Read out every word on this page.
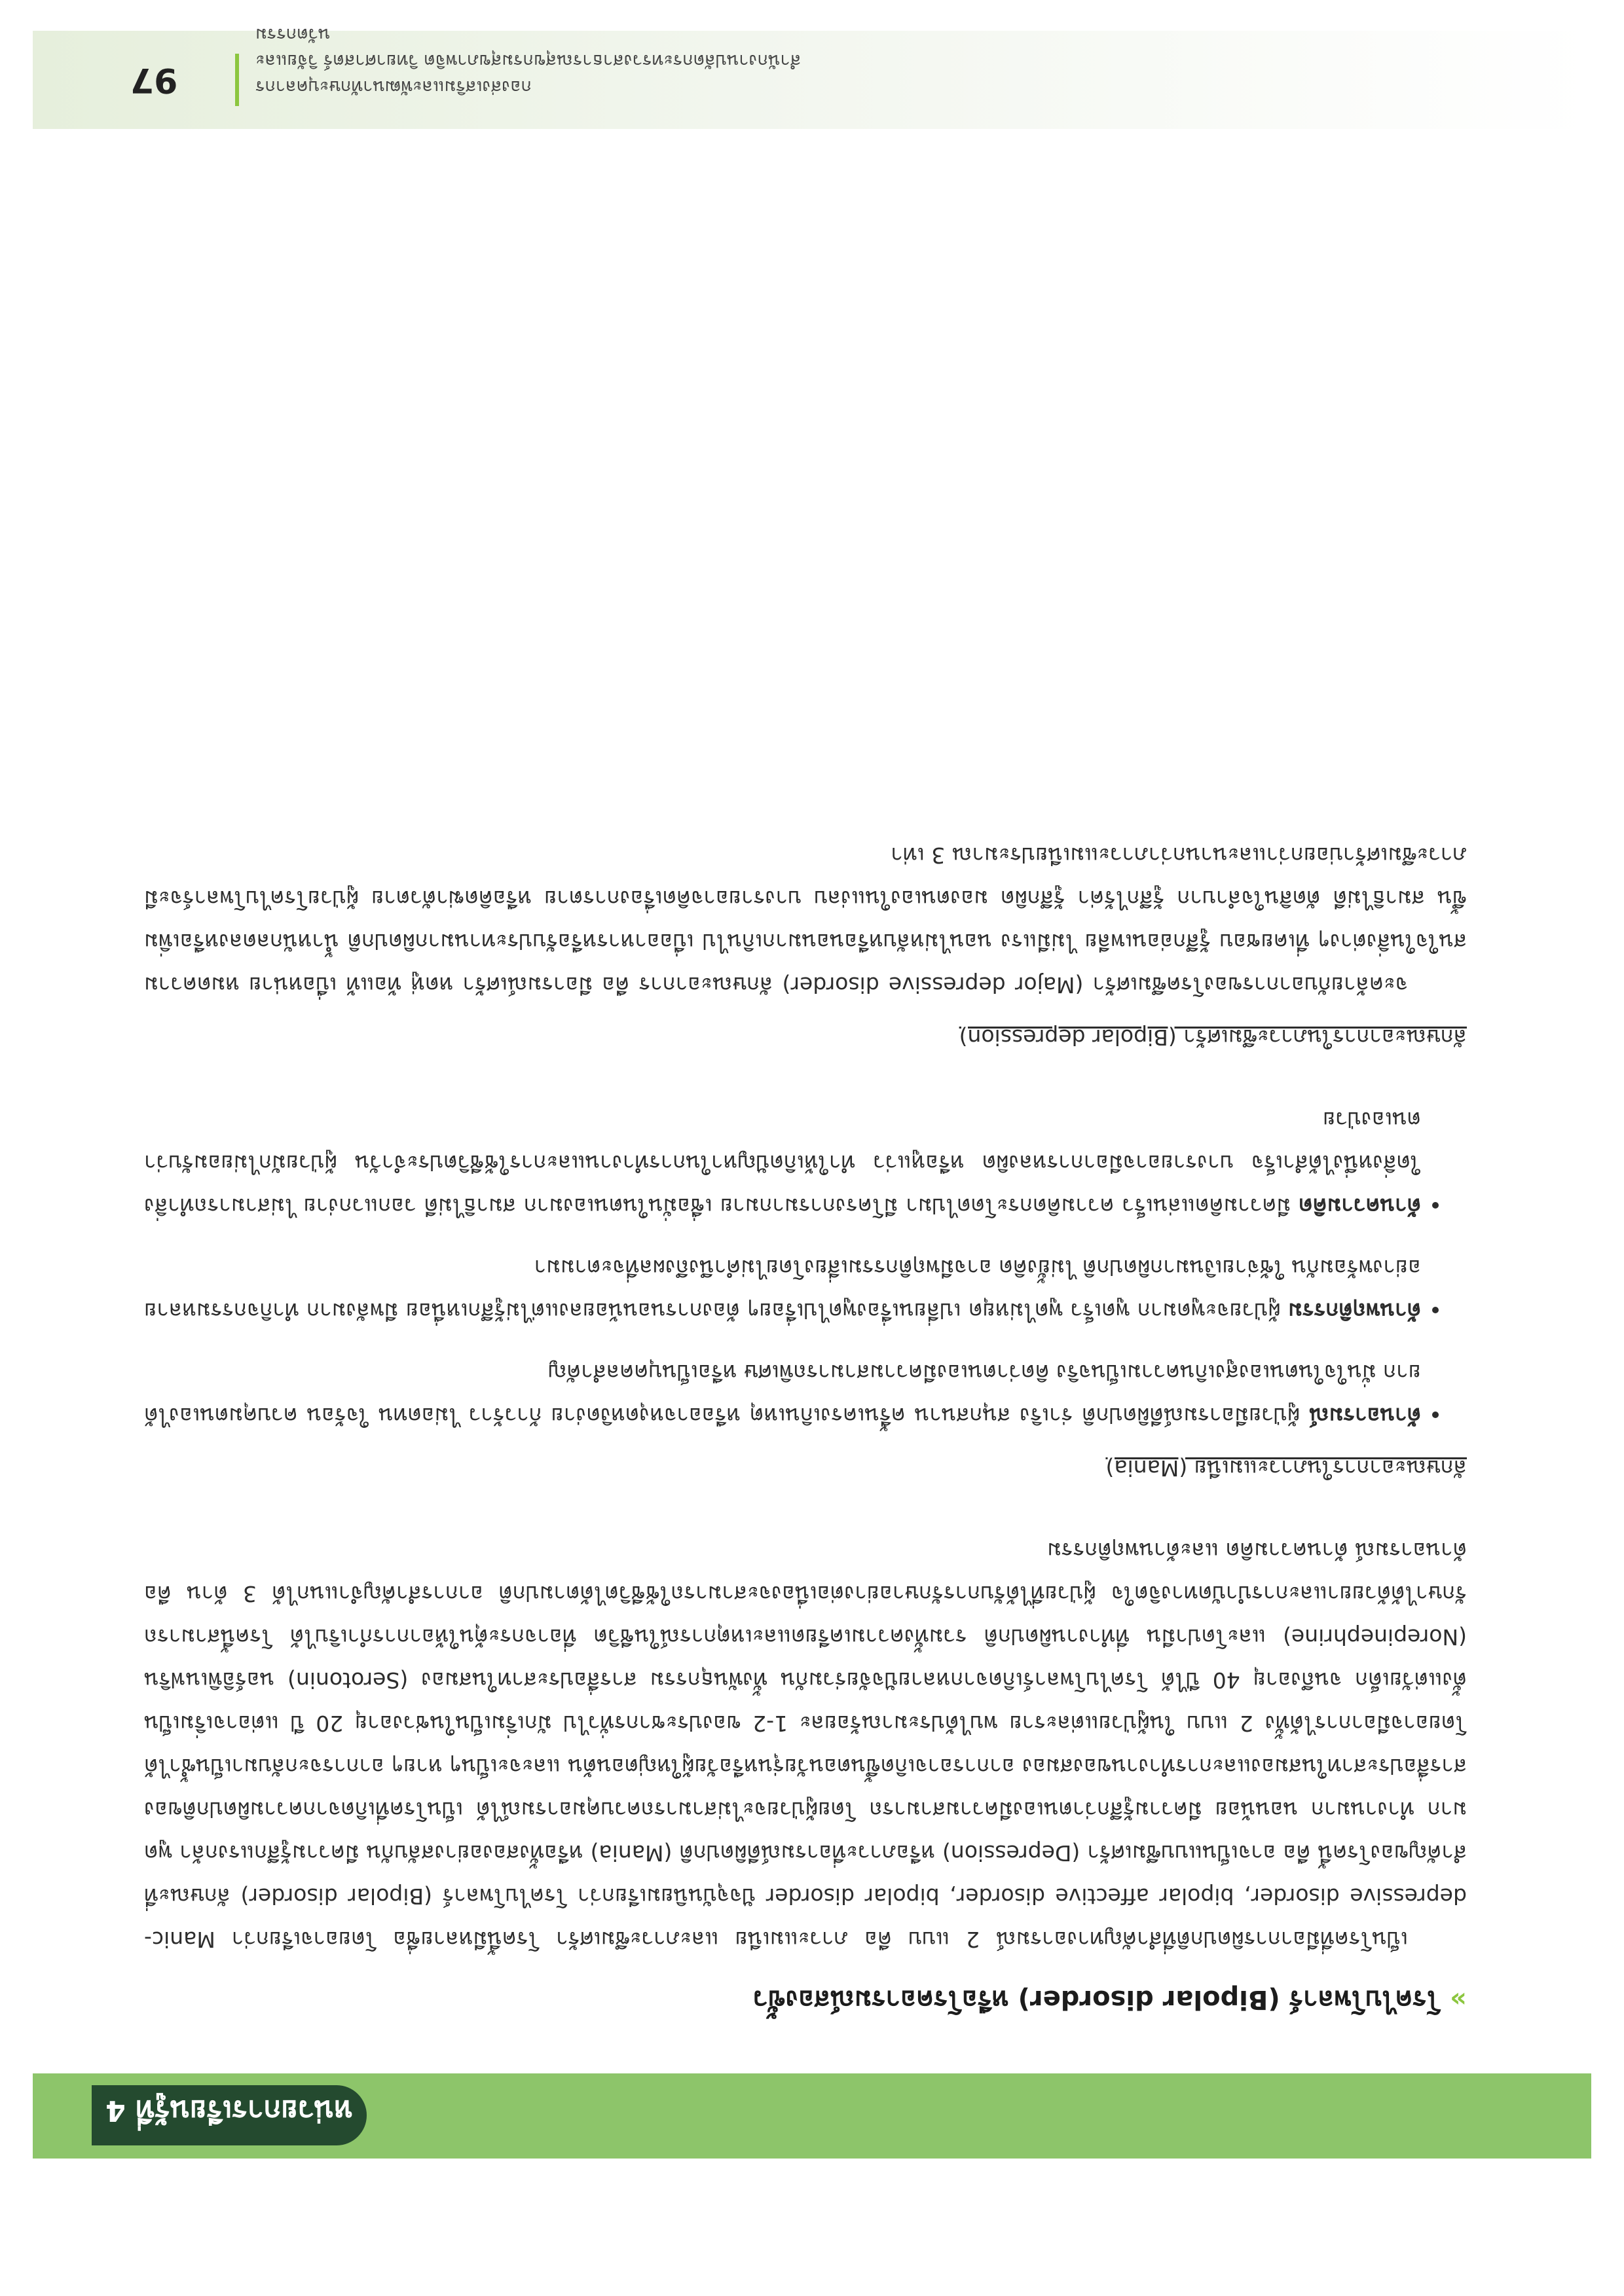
97	กองส่งเสริมและพัฒนาทักษะบุคลากร
สำนักงานปลัดกระทรวงสาธารณสุขกรมสุขภาพจิต วิทยาศาสตร์ วิจัยและนวัตกรรม
หน่วยการเรียนรู้ที่ 4
»โรคไบโพลาร์ (Bipolar disorder) หรือโรคอารมณ์สองขั้ว

เป็นโรคที่มีอาการผิดปกติที่สำคัญทางอารมณ์ 2 แบบ คือ ภาวะแมเนีย และภาวะซึมเศร้า โรคนี้มีหลายชื่อ โดยอาจเรียกว่า Manic-depressive disorder, bipolar affective disorder, bipolar disorder ปัจจุบันนิยมเรียกว่า โรคไบโพลาร์ (Bipolar disorder) ลักษณะที่สำคัญของโรคนี้ คือ อาจเป็นแบบซึมเศร้า (Depression) หรือภาวะที่อารมณ์ดีผิดปกติ (Mania) หรือทั้งสองอย่างสลับกัน มีความรู้สึกแรงกล้า พูดมาก ทำงานมาก นอนน้อย มีความรู้สึกว่าตนเองมีความสามารถ โดยผู้ป่วยจะไม่สามารถควบคุมอารมณ์ได้ เป็นโรคที่เกิดจากความผิดปกติของสารสื่อประสาทในสมองและการทำงานของสมอง อาการอาจเกิดขึ้นตอนวัยรุ่นหรือวัยผู้ใหญ่ตอนต้น และจะเป็นๆ หายๆ อาการจะกลับมาเป็นซ้ำได้ โดยอาจมีอาการได้ทั้ง 2 แบบ ในผู้ป่วยแต่ละราย พบได้ประมาณร้อยละ 1-2 ของประชากรทั่วไป มักเริ่มเป็นในช่วงอายุ 20 ปี แต่อาจเริ่มเป็นตั้งแต่วัยเด็ก จนถึงอายุ 40 ปีได้ โรคไบโพลาร์เกิดจากหลายปัจจัยร่วมกัน ทั้งพันธุกรรม สารสื่อประสาทในสมอง (Serotonin) นอร์อิพิเนฟริน (Norepinephrine) และโดปามีน ที่ทำงานผิดปกติ รวมทั้งความเครียดและเหตุการณ์ในชีวิต ที่อาจกระตุ้นให้อาการกำเริบได้ โรคนี้สามารถรักษาได้ด้วยยาและการบำบัดทางจิตใจ ผู้ป่วยที่ได้รับการรักษาอย่างต่อเนื่องจะสามารถใช้ชีวิตได้ตามปกติ อาการสำคัญจำแนกได้ 3 ด้าน คือ ด้านอารมณ์ ด้านความคิด และด้านพฤติกรรม

ลักษณะอาการในภาวะแมเนีย (Mania)
• ด้านอารมณ์ ผู้ป่วยมีอารมณ์ดีผิดปกติ ร่าเริง สนุกสนาน ครื้นเครงเกินเหตุ หรืออาจหงุดหงิดง่าย ก้าวร้าว ไม่อดทน ใจร้อน ควบคุมตนเองได้ยาก มั่นใจในตนเองสูงเกินความเป็นจริง คิดว่าตนเองมีความสามารถพิเศษ หรือเป็นบุคคลสำคัญ
• ด้านพฤติกรรม ผู้ป่วยจะพูดมาก พูดเร็ว พูดไม่หยุด เปลี่ยนเรื่องพูดไปเรื่อยๆ ต้องการนอนน้อยลงแต่ไม่รู้สึกเหนื่อย มีพลังมาก ทำกิจกรรมหลายอย่างพร้อมกัน ใช้จ่ายเงินมากผิดปกติ ไม่ยั้งคิด อาจมีพฤติกรรมเสี่ยงโดยไม่คำนึงถึงผลที่จะตามมา
• ด้านความคิด มีความคิดแล่นเร็ว ความคิดกระโดดไปมา มีโครงการมากมาย เชื่อมั่นในตนเองมาก สมาธิไม่ดี วอกแวกง่าย ไม่สามารถทำสิ่งใดสิ่งหนึ่งได้สำเร็จ บางรายอาจมีอาการหลงผิด หรือหูแว่ว ทำให้เกิดปัญหาในการทำงานและการใช้ชีวิตประจำวัน ผู้ป่วยมักไม่ยอมรับว่าตนเองป่วย
ลักษณะอาการในภาวะซึมเศร้า (Bipolar depression)

จะคล้ายกับอาการของโรคซึมเศร้า (Major depressive disorder) ลักษณะอาการ คือ มีอารมณ์เศร้า หดหู่ ท้อแท้ เบื่อหน่าย หมดความสนใจในสิ่งต่างๆ ที่เคยชอบ รู้สึกอ่อนเพลีย ไม่มีแรง นอนไม่หลับหรือนอนมากเกินไป เบื่ออาหารหรือรับประทานมากผิดปกติ น้ำหนักลดลงหรือเพิ่มขึ้น สมาธิไม่ดี ตัดสินใจลำบาก รู้สึกไร้ค่า รู้สึกผิด มองตนเองในแง่ลบ บางรายอาจคิดเรื่องการตาย หรือคิดฆ่าตัวตาย ผู้ป่วยโรคไบโพลาร์จะมีภาวะซึมเศร้าบ่อยกว่าและนานกว่าภาวะแมเนียประมาณ 3 เท่า
